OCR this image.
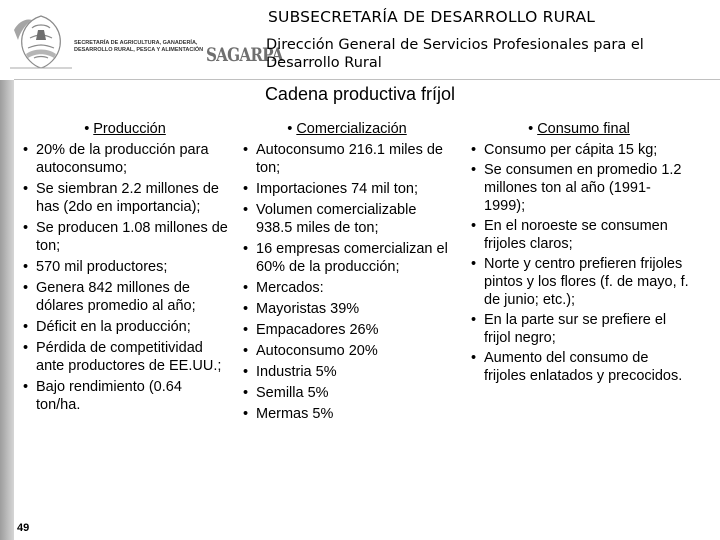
SECRETARÍA DE AGRICULTURA, GANADERÍA, DESARROLLO RURAL, PESCA Y ALIMENTACIÓN SAGARPA
SUBSECRETARÍA DE DESARROLLO RURAL
Dirección General de Servicios Profesionales para el Desarrollo Rural
Cadena productiva fríjol
• Producción
• 20% de la producción para autoconsumo;
• Se siembran 2.2 millones de has (2do en importancia);
• Se producen 1.08 millones de ton;
• 570 mil productores;
• Genera 842 millones de dólares promedio al año;
• Déficit en la producción;
• Pérdida de competitividad ante productores de EE.UU.;
• Bajo rendimiento (0.64 ton/ha.
• Comercialización
• Autoconsumo 216.1 miles de ton;
• Importaciones 74 mil ton;
• Volumen comercializable 938.5 miles de ton;
• 16 empresas comercializan el 60% de la producción;
• Mercados:
• Mayoristas 39%
• Empacadores 26%
• Autoconsumo 20%
• Industria 5%
• Semilla 5%
• Mermas 5%
• Consumo final
• Consumo per cápita 15 kg;
• Se consumen en promedio 1.2 millones ton al año (1991-1999);
• En el noroeste se consumen frijoles claros;
• Norte y centro prefieren frijoles pintos y los flores (f. de mayo, f. de junio; etc.);
• En la parte sur se prefiere el frijol negro;
• Aumento del consumo de frijoles enlatados y precocidos.
49
